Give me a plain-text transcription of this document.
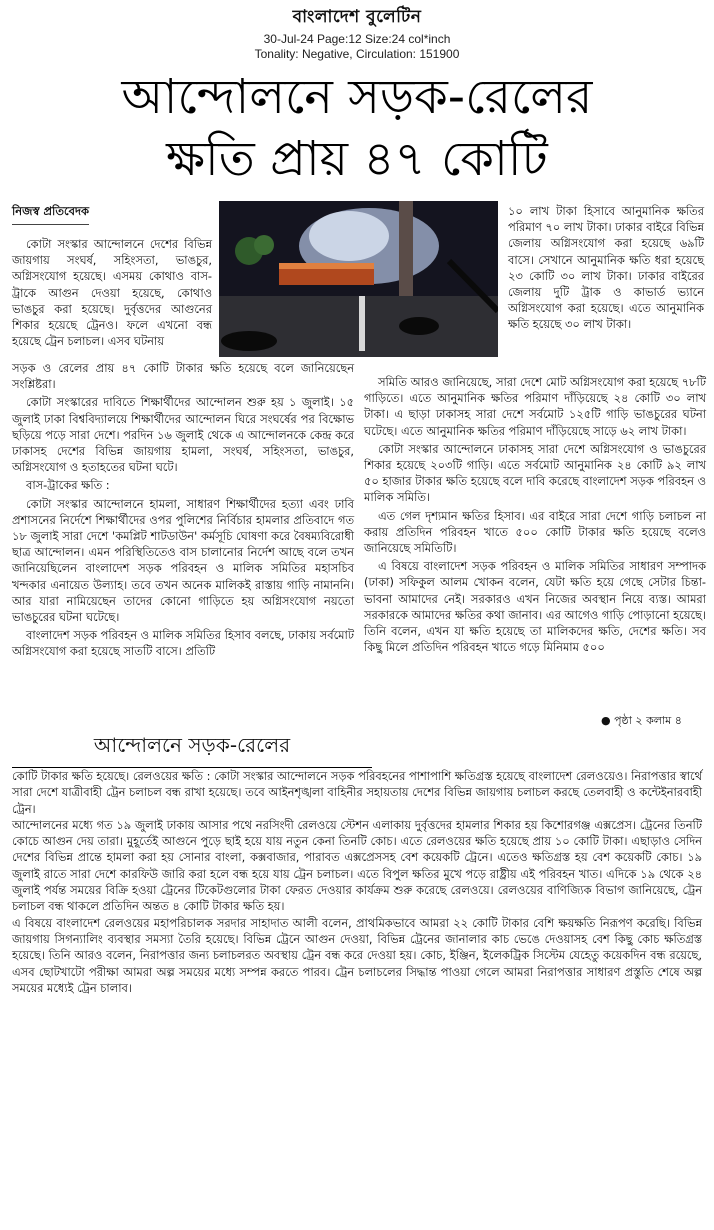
বাংলাদেশ বুলেটিন
30-Jul-24 Page:12 Size:24 col*inch
Tonality: Negative, Circulation: 151900
আন্দোলনে সড়ক-রেলের
ক্ষতি প্রায় ৪৭ কোটি
নিজস্ব প্রতিবেদক

কোটা সংস্কার আন্দোলনে দেশের বিভিন্ন জায়গায় সংঘর্ষ, সহিংসতা, ভাঙচুর, অগ্নিসংযোগ হয়েছে। এসময় কোথাও বাস-ট্রাকে আগুন দেওয়া হয়েছে, কোথাও ভাঙচুর করা হয়েছে। দুর্বৃত্তদের আগুনের শিকার হয়েছে ট্রেনও। ফলে এখনো বন্ধ হয়েছে ট্রেন চলাচল। এসব ঘটনায়

সড়ক ও রেলের প্রায় ৪৭ কোটি টাকার ক্ষতি হয়েছে বলে জানিয়েছেন সংশ্লিষ্টরা।

কোটা সংস্কারের দাবিতে শিক্ষার্থীদের আন্দোলন শুরু হয় ১ জুলাই। ১৫ জুলাই ঢাকা বিশ্ববিদ্যালয়ে শিক্ষার্থীদের আন্দোলন ঘিরে সংঘর্ষের পর বিক্ষোভ ছড়িয়ে পড়ে সারা দেশে। পরদিন ১৬ জুলাই থেকে এ আন্দোলনকে কেন্দ্র করে ঢাকাসহ দেশের বিভিন্ন জায়গায় হামলা, সংঘর্ষ, সহিংসতা, ভাঙচুর, অগ্নিসংযোগ ও হতাহতের ঘটনা ঘটে।

বাস-ট্রাকের ক্ষতি :

কোটা সংস্কার আন্দোলনে হামলা, সাধারণ শিক্ষার্থীদের হত্যা এবং ঢাবি প্রশাসনের নির্দেশে শিক্ষার্থীদের ওপর পুলিশের নির্বিচার হামলার প্রতিবাদে গত ১৮ জুলাই সারা দেশে 'কমপ্লিট শাটডাউন' কর্মসূচি ঘোষণা করে বৈষম্যবিরোধী ছাত্র আন্দোলন। এমন পরিস্থিতিতেও বাস চালানোর নির্দেশ আছে বলে তখন জানিয়েছিলেন বাংলাদেশ সড়ক পরিবহন ও মালিক সমিতির মহাসচিব খন্দকার এনায়েত উল্যাহ। তবে তখন অনেক মালিকই রাস্তায় গাড়ি নামাননি। আর যারা নামিয়েছেন তাদের কোনো গাড়িতে হয় অগ্নিসংযোগ নয়তো ভাঙচুরের ঘটনা ঘটেছে।

বাংলাদেশ সড়ক পরিবহন ও মালিক সমিতির হিসাব বলছে, ঢাকায় সর্বমোট অগ্নিসংযোগ করা হয়েছে সাতটি বাসে। প্রতিটি

১০ লাখ টাকা হিসাবে আনুমানিক ক্ষতির পরিমাণ ৭০ লাখ টাকা। ঢাকার বাইরে বিভিন্ন জেলায় অগ্নিসংযোগ করা হয়েছে ৬৯টি বাসে। সেখানে আনুমানিক ক্ষতি ধরা হয়েছে ২৩ কোটি ৩০ লাখ টাকা। ঢাকার বাইরের জেলায় দুটি ট্রাক ও কাভার্ড ভ্যানে অগ্নিসংযোগ করা হয়েছে। এতে আনুমানিক ক্ষতি হয়েছে ৩০ লাখ টাকা।

সমিতি আরও জানিয়েছে, সারা দেশে মোট অগ্নিসংযোগ করা হয়েছে ৭৮টি গাড়িতে। এতে আনুমানিক ক্ষতির পরিমাণ দাঁড়িয়েছে ২৪ কোটি ৩০ লাখ টাকা। এ ছাড়া ঢাকাসহ সারা দেশে সর্বমোট ১২৫টি গাড়ি ভাঙচুরের ঘটনা ঘটেছে। এতে আনুমানিক ক্ষতির পরিমাণ দাঁড়িয়েছে সাড়ে ৬২ লাখ টাকা।

কোটা সংস্কার আন্দোলনে ঢাকাসহ সারা দেশে অগ্নিসংযোগ ও ভাঙচুরের শিকার হয়েছে ২০৩টি গাড়ি। এতে সর্বমোট আনুমানিক ২৪ কোটি ৯২ লাখ ৫০ হাজার টাকার ক্ষতি হয়েছে বলে দাবি করেছে বাংলাদেশ সড়ক পরিবহন ও মালিক সমিতি।

এত গেল দৃশ্যমান ক্ষতির হিসাব। এর বাইরে সারা দেশে গাড়ি চলাচল না করায় প্রতিদিন পরিবহন খাতে ৫০০ কোটি টাকার ক্ষতি হয়েছে বলেও জানিয়েছে সমিতিটি।

এ বিষয়ে বাংলাদেশ সড়ক পরিবহন ও মালিক সমিতির সাধারণ সম্পাদক (ঢাকা) সফিকুল আলম খোকন বলেন, যেটা ক্ষতি হয়ে গেছে সেটার চিন্তা-ভাবনা আমাদের নেই। সরকারও এখন নিজের অবস্থান নিয়ে ব্যস্ত। আমরা সরকারকে আমাদের ক্ষতির কথা জানাব। এর আগেও গাড়ি পোড়ানো হয়েছে। তিনি বলেন, এখন যা ক্ষতি হয়েছে তা মালিকদের ক্ষতি, দেশের ক্ষতি। সব কিছু মিলে প্রতিদিন পরিবহন খাতে গড়ে মিনিমাম ৫০০

● পৃষ্ঠা ২ কলাম ৪
আন্দোলনে সড়ক-রেলের

কোটি টাকার ক্ষতি হয়েছে। রেলওয়ের ক্ষতি : কোটা সংস্কার আন্দোলনে সড়ক পরিবহনের পাশাপাশি ক্ষতিগ্রস্ত হয়েছে বাংলাদেশ রেলওয়েও। নিরাপত্তার স্বার্থে সারা দেশে যাত্রীবাহী ট্রেন চলাচল বন্ধ রাখা হয়েছে। তবে আইনশৃঙ্খলা বাহিনীর সহায়তায় দেশের বিভিন্ন জায়গায় চলাচল করছে তেলবাহী ও কন্টেইনারবাহী ট্রেন।

আন্দোলনের মধ্যে গত ১৯ জুলাই ঢাকায় আসার পথে নরসিংদী রেলওয়ে স্টেশন এলাকায় দুর্বৃত্তদের হামলার শিকার হয় কিশোরগঞ্জ এক্সপ্রেস। ট্রেনের তিনটি কোচে আগুন দেয় তারা। মুহূর্তেই আগুনে পুড়ে ছাই হয়ে যায় নতুন কেনা তিনটি কোচ। এতে রেলওয়ের ক্ষতি হয়েছে প্রায় ১০ কোটি টাকা। এছাড়াও সেদিন দেশের বিভিন্ন প্রান্তে হামলা করা হয় সোনার বাংলা, কক্সবাজার, পারাবত এক্সপ্রেসসহ বেশ কয়েকটি ট্রেনে। এতেও ক্ষতিগ্রস্ত হয় বেশ কয়েকটি কোচ। ১৯ জুলাই রাতে সারা দেশে কারফিউ জারি করা হলে বন্ধ হয়ে যায় ট্রেন চলাচল। এতে বিপুল ক্ষতির মুখে পড়ে রাষ্ট্রীয় এই পরিবহন খাত। এদিকে ১৯ থেকে ২৪ জুলাই পর্যন্ত সময়ের বিক্রি হওয়া ট্রেনের টিকেটগুলোর টাকা ফেরত দেওয়ার কার্যক্রম শুরু করেছে রেলওয়ে। রেলওয়ের বাণিজ্যিক বিভাগ জানিয়েছে, ট্রেন চলাচল বন্ধ থাকলে প্রতিদিন অন্তত ৪ কোটি টাকার ক্ষতি হয়।

এ বিষয়ে বাংলাদেশ রেলওয়ের মহাপরিচালক সরদার সাহাদাত আলী বলেন, প্রাথমিকভাবে আমরা ২২ কোটি টাকার বেশি ক্ষয়ক্ষতি নিরূপণ করেছি। বিভিন্ন জায়গায় সিগন্যালিং ব্যবস্থার সমস্যা তৈরি হয়েছে। বিভিন্ন ট্রেনে আগুন দেওয়া, বিভিন্ন ট্রেনের জানালার কাচ ভেঙে দেওয়াসহ বেশ কিছু কোচ ক্ষতিগ্রস্ত হয়েছে। তিনি আরও বলেন, নিরাপত্তার জন্য চলাচলরত অবস্থায় ট্রেন বন্ধ করে দেওয়া হয়। কোচ, ইঞ্জিন, ইলেকট্রিক সিস্টেম যেহেতু কয়েকদিন বন্ধ রয়েছে, এসব ছোটখাটো পরীক্ষা আমরা অল্প সময়ের মধ্যে সম্পন্ন করতে পারব। ট্রেন চলাচলের সিদ্ধান্ত পাওয়া গেলে আমরা নিরাপত্তার সাধারণ প্রস্তুতি শেষে অল্প সময়ের মধ্যেই ট্রেন চালাব।
